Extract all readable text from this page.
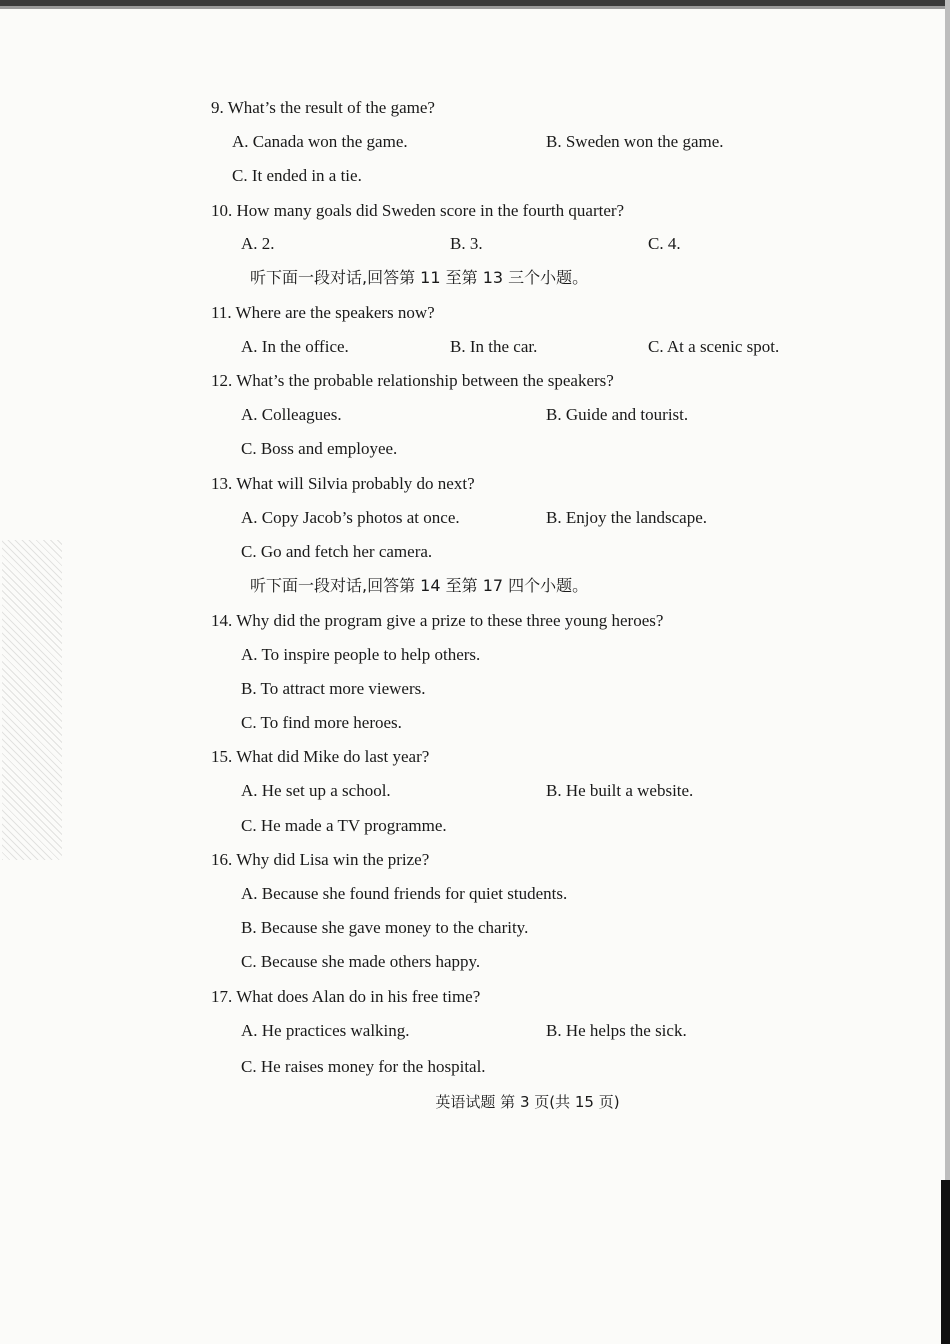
9. What’s the result of the game?
A. Canada won the game.	B. Sweden won the game.
C. It ended in a tie.
10. How many goals did Sweden score in the fourth quarter?
A. 2.	B. 3.	C. 4.
听下面一段对话,回答第 11 至第 13 三个小题。
11. Where are the speakers now?
A. In the office.	B. In the car.	C. At a scenic spot.
12. What’s the probable relationship between the speakers?
A. Colleagues.	B. Guide and tourist.
C. Boss and employee.
13. What will Silvia probably do next?
A. Copy Jacob’s photos at once.	B. Enjoy the landscape.
C. Go and fetch her camera.
听下面一段对话,回答第 14 至第 17 四个小题。
14. Why did the program give a prize to these three young heroes?
A. To inspire people to help others.
B. To attract more viewers.
C. To find more heroes.
15. What did Mike do last year?
A. He set up a school.	B. He built a website.
C. He made a TV programme.
16. Why did Lisa win the prize?
A. Because she found friends for quiet students.
B. Because she gave money to the charity.
C. Because she made others happy.
17. What does Alan do in his free time?
A. He practices walking.	B. He helps the sick.
C. He raises money for the hospital.
英语试题 第 3 页(共 15 页)
